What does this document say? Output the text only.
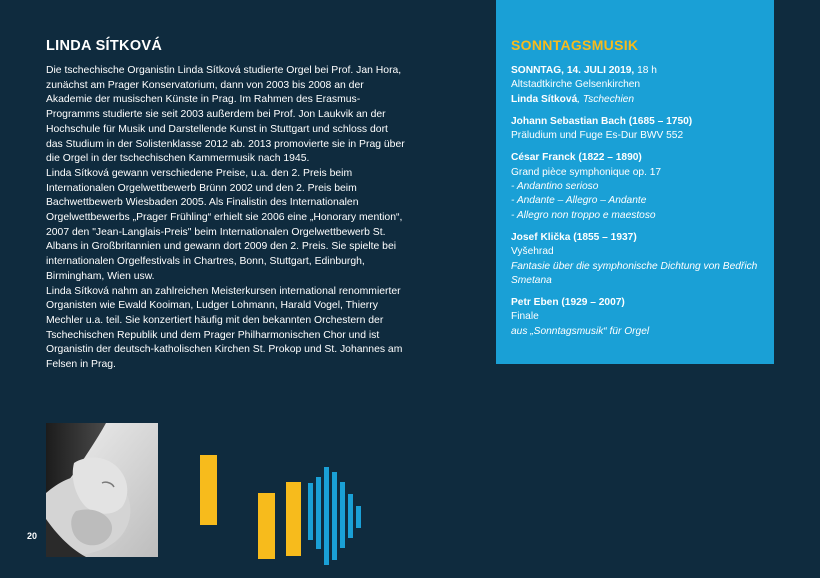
LINDA SÍTKOVÁ

Die tschechische Organistin Linda Sítková studierte Orgel bei Prof. Jan Hora, zunächst am Prager Konservatorium, dann von 2003 bis 2008 an der Akademie der musischen Künste in Prag. Im Rahmen des Erasmus-Programms studierte sie seit 2003 außerdem bei Prof. Jon Laukvik an der Hochschule für Musik und Darstellende Kunst in Stuttgart und schloss dort das Studium in der Solistenklasse 2012 ab. 2013 promovierte sie in Prag über die Orgel in der tschechischen Kammermusik nach 1945.

Linda Sítková gewann verschiedene Preise, u.a. den 2. Preis beim Internationalen Orgelwettbewerb Brünn 2002 und den 2. Preis beim Bachwettbewerb Wiesbaden 2005. Als Finalistin des Internationalen Orgelwettbewerbs „Prager Frühling“ erhielt sie 2006 eine „Honorary mention“, 2007 den "Jean-Langlais-Preis" beim Internationalen Orgelwettbewerb St. Albans in Großbritannien und gewann dort 2009 den 2. Preis. Sie spielte bei internationalen Orgelfestivals in Chartres, Bonn, Stuttgart, Edinburgh, Birmingham, Wien usw.

Linda Sítková nahm an zahlreichen Meisterkursen international renommierter Organisten wie Ewald Kooiman, Ludger Lohmann, Harald Vogel, Thierry Mechler u.a. teil. Sie konzertiert häufig mit den bekannten Orchestern der Tschechischen Republik und dem Prager Philharmonischen Chor und ist Organistin der deutsch-katholischen Kirchen St. Prokop und St. Johannes am Felsen in Prag.

SONNTAGSMUSIK

SONNTAG, 14. JULI 2019, 18 h

Altstadtkirche Gelsenkirchen

Linda Sítková, Tschechien

Johann Sebastian Bach (1685 – 1750)

Präludium und Fuge Es-Dur BWV 552

César Franck (1822 – 1890)

Grand pièce symphonique op. 17

- Andantino serioso

- Andante – Allegro – Andante

- Allegro non troppo e maestoso

Josef Klička (1855 – 1937)

Vyšehrad

Fantasie über die symphonische Dichtung von Bedřich Smetana

Petr Eben (1929 – 2007)

Finale

aus „Sonntagsmusik“ für Orgel

20
